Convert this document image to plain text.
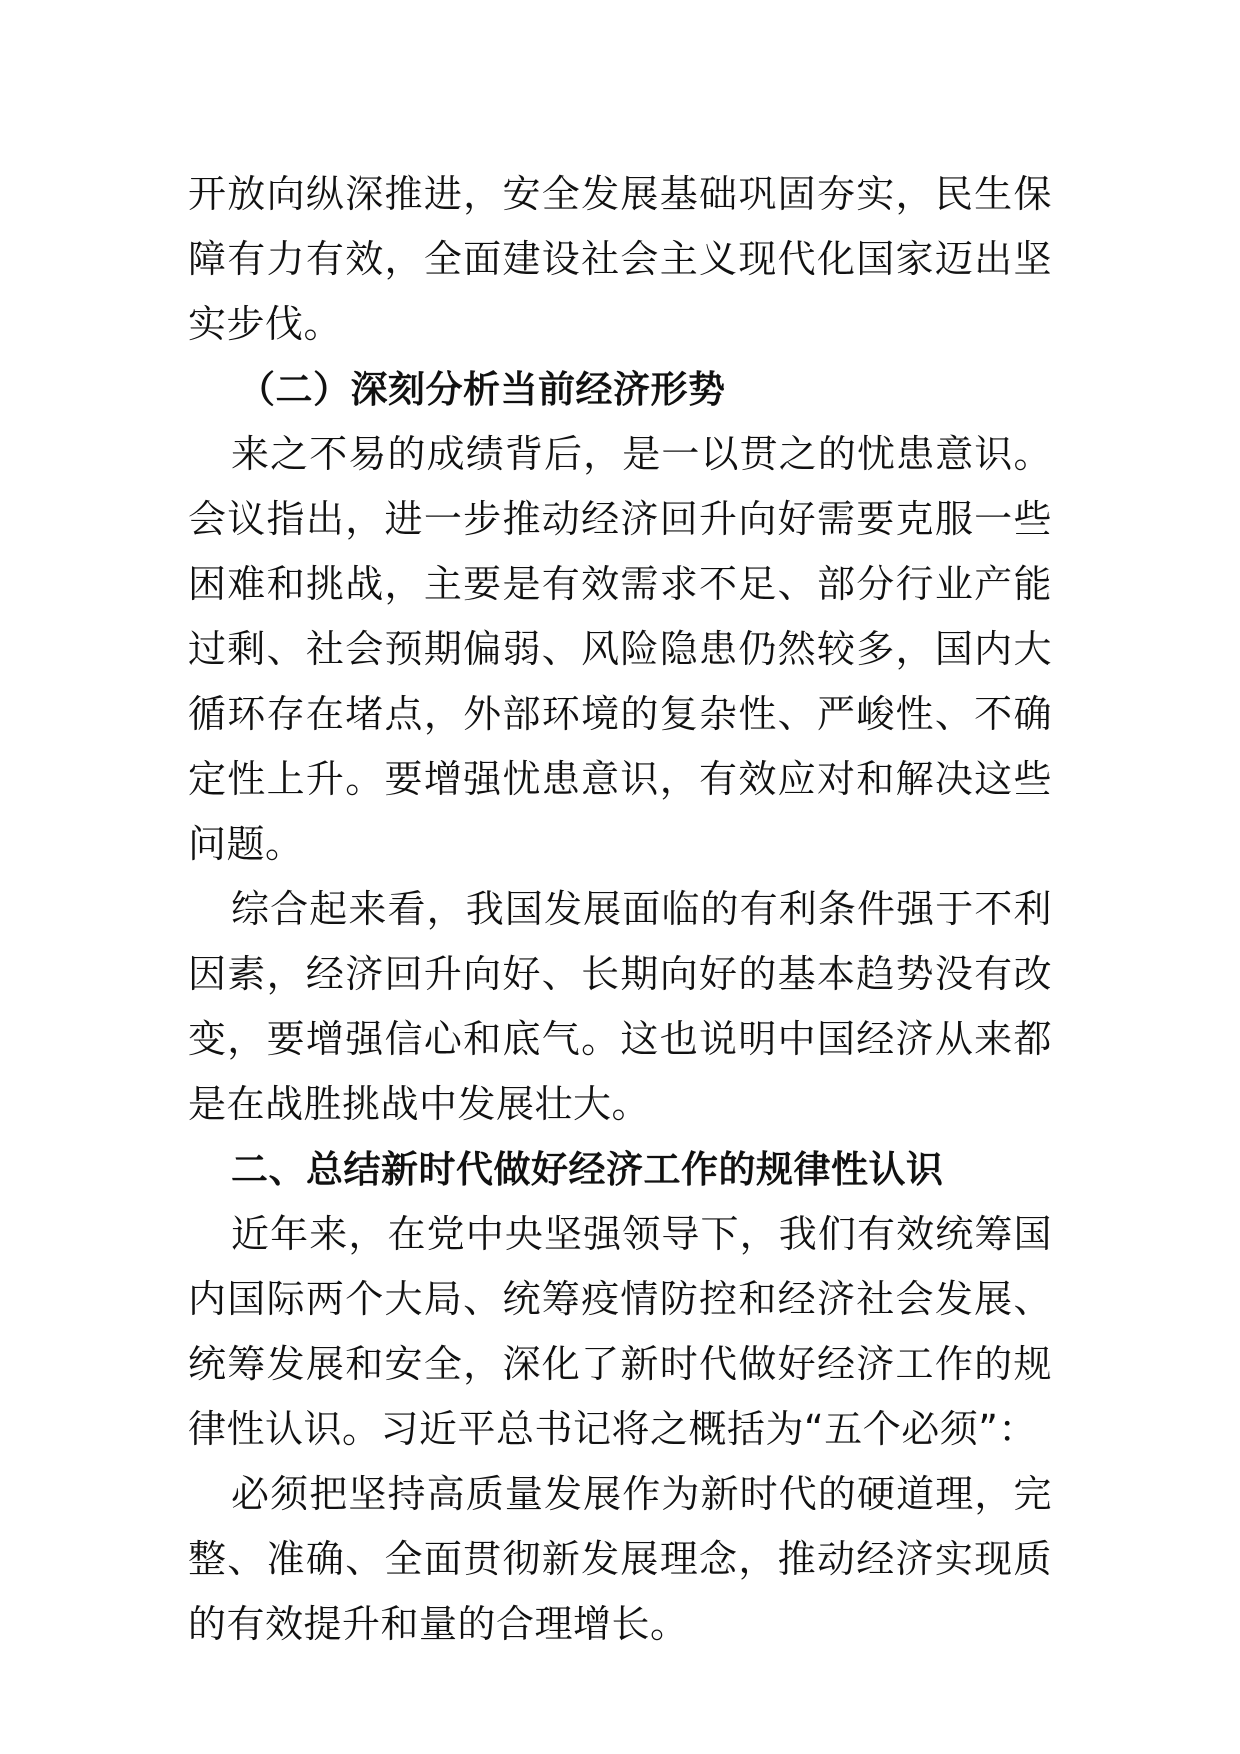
开放向纵深推进，安全发展基础巩固夯实，民生保障有力有效，全面建设社会主义现代化国家迈出坚实步伐。

（二）深刻分析当前经济形势

来之不易的成绩背后，是一以贯之的忧患意识。会议指出，进一步推动经济回升向好需要克服一些困难和挑战，主要是有效需求不足、部分行业产能过剩、社会预期偏弱、风险隐患仍然较多，国内大循环存在堵点，外部环境的复杂性、严峻性、不确定性上升。要增强忧患意识，有效应对和解决这些问题。

综合起来看，我国发展面临的有利条件强于不利因素，经济回升向好、长期向好的基本趋势没有改变，要增强信心和底气。这也说明中国经济从来都是在战胜挑战中发展壮大。

二、总结新时代做好经济工作的规律性认识

近年来，在党中央坚强领导下，我们有效统筹国内国际两个大局、统筹疫情防控和经济社会发展、统筹发展和安全，深化了新时代做好经济工作的规律性认识。习近平总书记将之概括为“五个必须”：

必须把坚持高质量发展作为新时代的硬道理，完整、准确、全面贯彻新发展理念，推动经济实现质的有效提升和量的合理增长。
